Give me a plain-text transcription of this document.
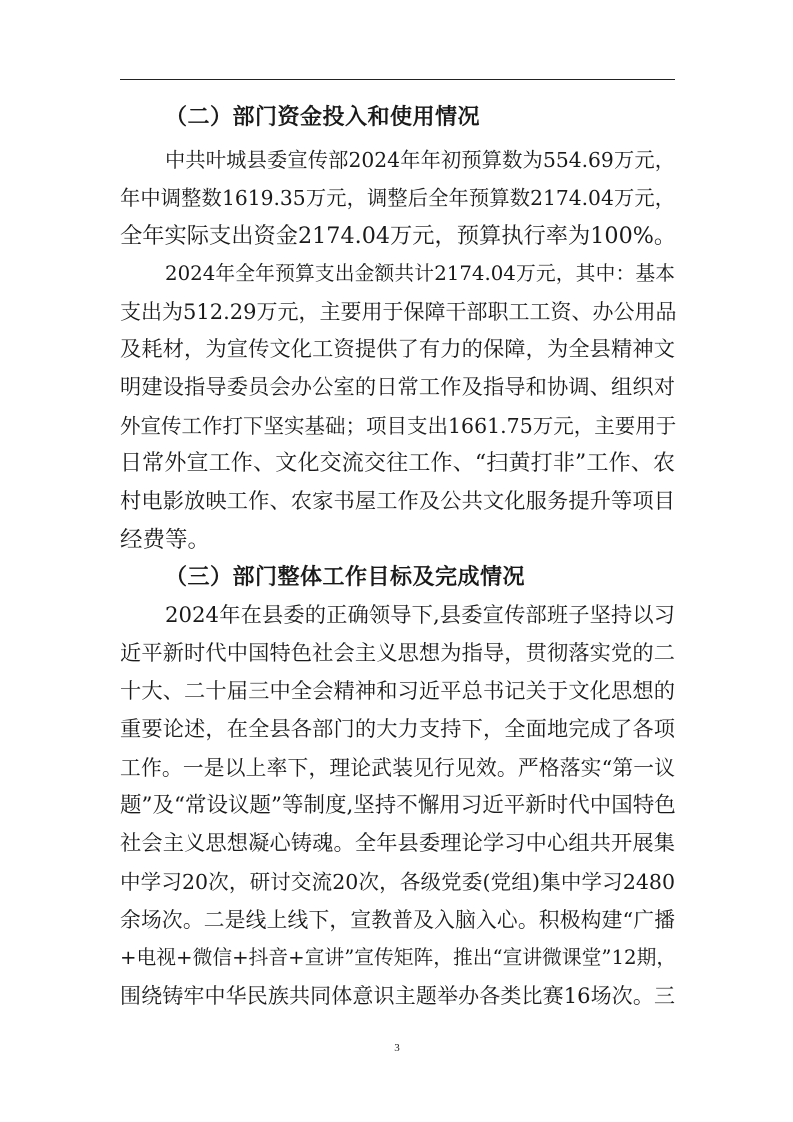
（二）部门资金投入和使用情况
中共叶城县委宣传部2024年年初预算数为554.69万元，
年中调整数1619.35万元，调整后全年预算数2174.04万元，
全年实际支出资金2174.04万元，预算执行率为100%。
2024年全年预算支出金额共计2174.04万元，其中：基本
支出为512.29万元，主要用于保障干部职工工资、办公用品
及耗材，为宣传文化工资提供了有力的保障，为全县精神文
明建设指导委员会办公室的日常工作及指导和协调、组织对
外宣传工作打下坚实基础；项目支出1661.75万元，主要用于
日常外宣工作、文化交流交往工作、“扫黄打非”工作、农
村电影放映工作、农家书屋工作及公共文化服务提升等项目
经费等。
（三）部门整体工作目标及完成情况
2024年在县委的正确领导下,县委宣传部班子坚持以习
近平新时代中国特色社会主义思想为指导，贯彻落实党的二
十大、二十届三中全会精神和习近平总书记关于文化思想的
重要论述，在全县各部门的大力支持下，全面地完成了各项
工作。一是以上率下，理论武装见行见效。严格落实“第一议
题”及“常设议题”等制度,坚持不懈用习近平新时代中国特色
社会主义思想凝心铸魂。全年县委理论学习中心组共开展集
中学习20次，研讨交流20次，各级党委(党组)集中学习2480
余场次。二是线上线下，宣教普及入脑入心。积极构建“广播
+电视+微信+抖音+宣讲”宣传矩阵，推出“宣讲微课堂”12期，
围绕铸牢中华民族共同体意识主题举办各类比赛16场次。三
3
